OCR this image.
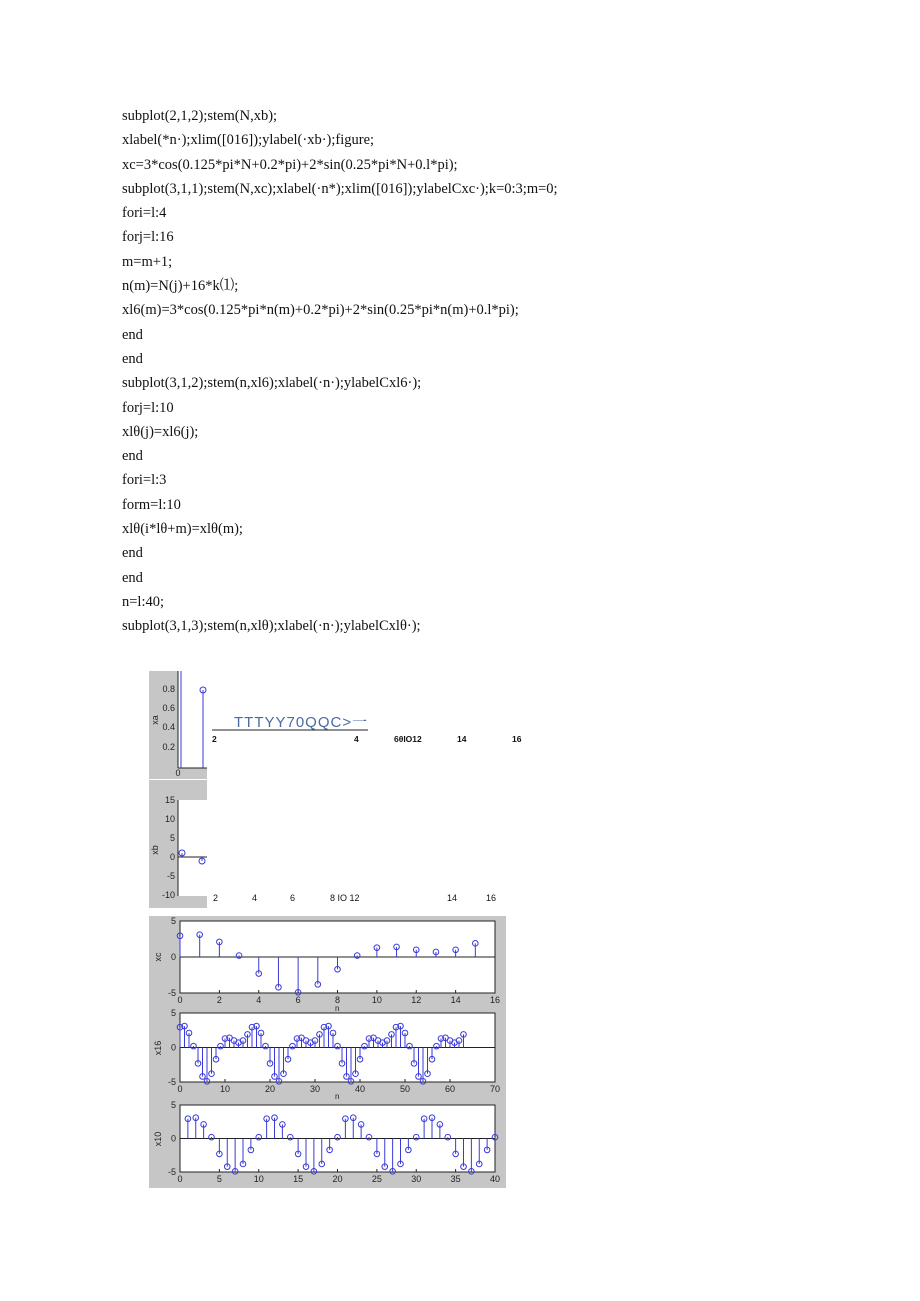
subplot(2,1,2);stem(N,xb);
xlabel(*n·);xlim([016]);ylabel(·xb·);figure;
xc=3*cos(0.125*pi*N+0.2*pi)+2*sin(0.25*pi*N+0.l*pi);
subplot(3,1,1);stem(N,xc);xlabel(·n*);xlim([016]);ylabelCxc·);k=0:3;m=0;
fori=l:4
forj=l:16
m=m+1;
n(m)=N(j)+16*k⑴;
xl6(m)=3*cos(0.125*pi*n(m)+0.2*pi)+2*sin(0.25*pi*n(m)+0.l*pi);
end
end
subplot(3,1,2);stem(n,xl6);xlabel(·n·);ylabelCxl6·);
forj=l:10
xlθ(j)=xl6(j);
end
fori=l:3
form=l:10
xlθ(i*lθ+m)=xlθ(m);
end
end
n=l:40;
subplot(3,1,3);stem(n,xlθ);xlabel(·n·);ylabel⁠Cxlθ·);
0.8
0.6
0.4
0.2
0
xa	TTTYY70QQC>一
2	4	6θIO12	14	16
15
10
5
0
-5
-10
xb
2	4	6	8 IO 12	14	16
xc
n
0	2	4	6	8	10	12	14	16
5
0
-5
x16
n
0	10	20	30	40	50	60	70
5
0
-5
x10
0	5	10	15	20	25	30	35	40
5
0
-5
